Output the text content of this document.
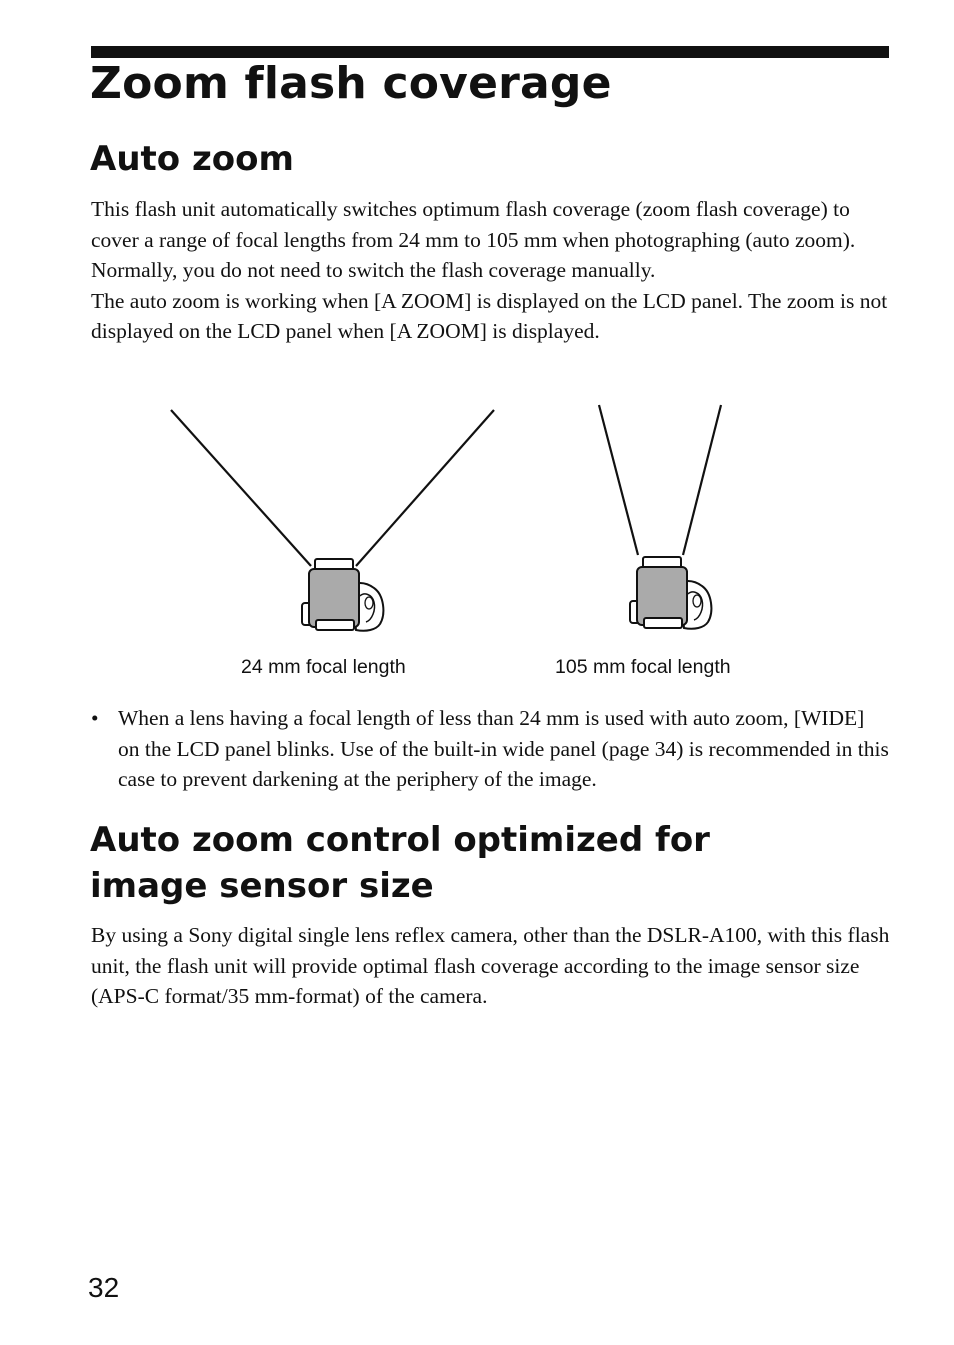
Zoom flash coverage
Auto zoom

This flash unit automatically switches optimum flash coverage (zoom flash coverage) to cover a range of focal lengths from 24 mm to 105 mm when photographing (auto zoom). Normally, you do not need to switch the flash coverage manually.

The auto zoom is working when [A ZOOM] is displayed on the LCD panel. The zoom is not displayed on the LCD panel when [A ZOOM] is displayed.

24 mm focal length	105 mm focal length
• When a lens having a focal length of less than 24 mm is used with auto zoom, [WIDE] on the LCD panel blinks. Use of the built-in wide panel (page 34) is recommended in this case to prevent darkening at the periphery of the image.
Auto zoom control optimized for
image sensor size

By using a Sony digital single lens reflex camera, other than the DSLR-A100, with this flash unit, the flash unit will provide optimal flash coverage according to the image sensor size (APS-C format/35 mm-format) of the camera.

32
